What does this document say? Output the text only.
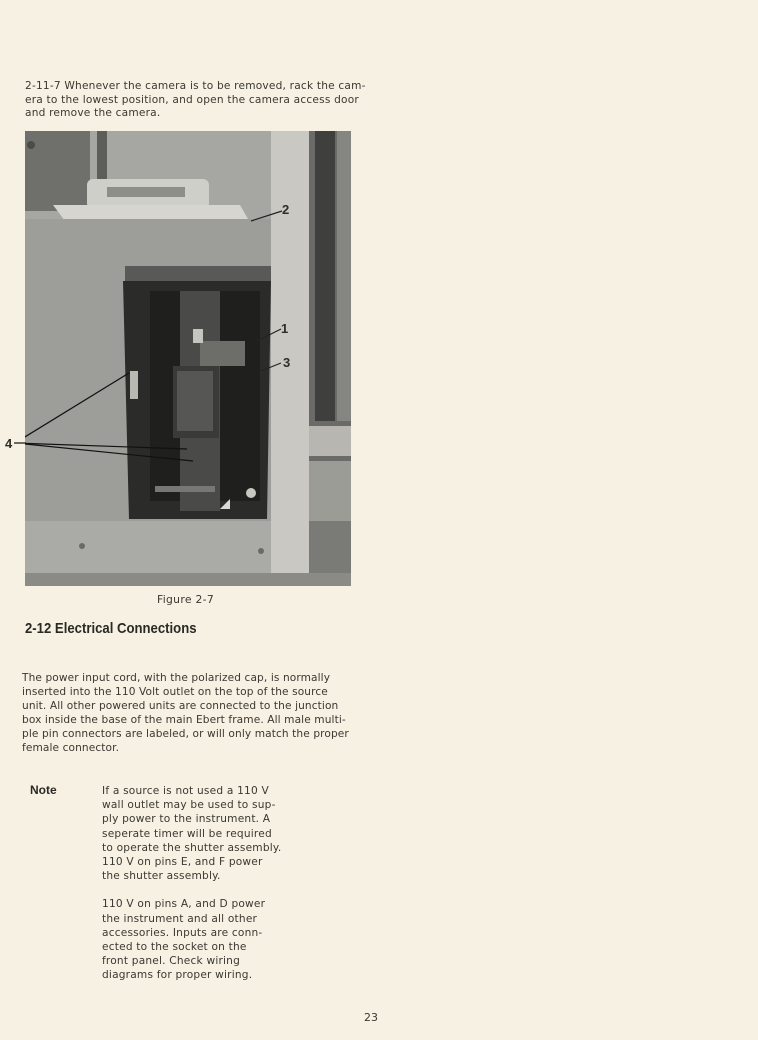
2-11-7 Whenever the camera is to be removed, rack the cam-
era to the lowest position, and open the camera access door
and remove the camera.
2
1
3
4
Figure 2-7
2-12 Electrical Connections
The power input cord, with the polarized cap, is normally
inserted into the 110 Volt outlet on the top of the source
unit. All other powered units are connected to the junction
box inside the base of the main Ebert frame. All male multi-
ple pin connectors are labeled, or will only match the proper
female connector.
Note	If a source is not used a 110 V
wall outlet may be used to sup-
ply power to the instrument. A
seperate timer will be required
to operate the shutter assembly.
110 V on pins E, and F power
the shutter assembly.
110 V on pins A, and D power
the instrument and all other
accessories. Inputs are conn-
ected to the socket on the
front panel. Check wiring
diagrams for proper wiring.
23
